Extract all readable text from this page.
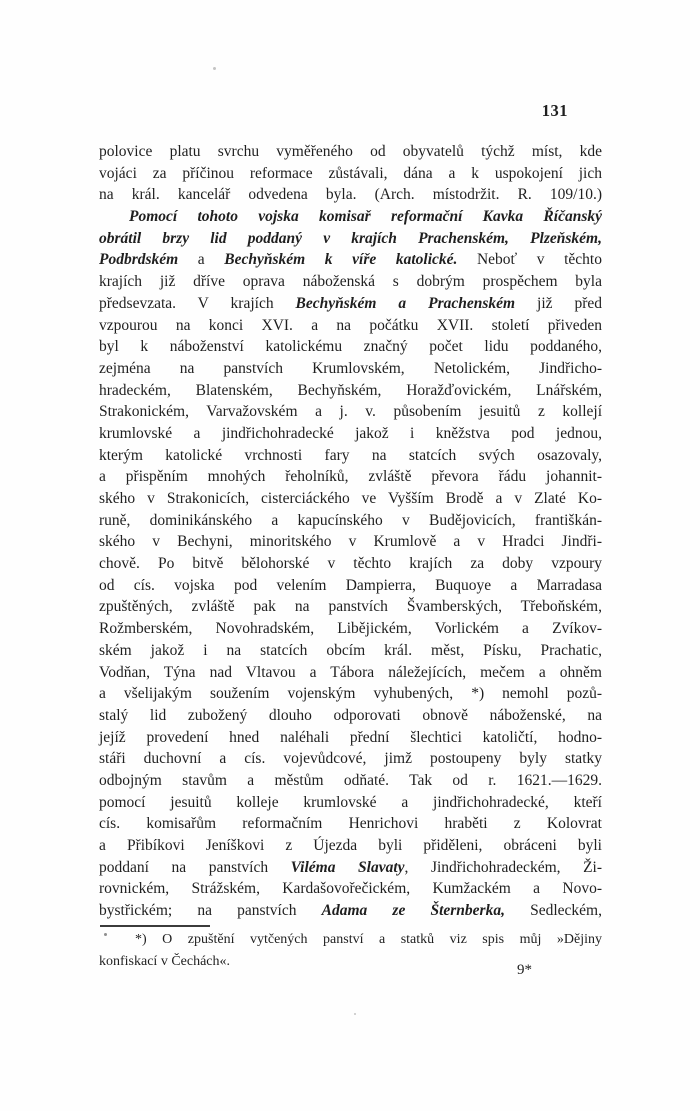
131
polovice platu svrchu vyměřeného od obyvatelů týchž míst, kde
vojáci za příčinou reformace zůstávali, dána a k uspokojení jich
na král. kancelář odvedena byla. (Arch. místodržit. R. 109/10.)
Pomocí tohoto vojska komisař reformační Kavka Říčanský
obrátil brzy lid poddaný v krajích Prachenském, Plzeňském,
Podbrdském a Bechyňském k víře katolické. Neboť v těchto
krajích již dříve oprava náboženská s dobrým prospěchem byla
předsevzata. V krajích Bechyňském a Prachenském již před
vzpourou na konci XVI. a na počátku XVII. století přiveden
byl k náboženství katolickému značný počet lidu poddaného,
zejména na panstvích Krumlovském, Netolickém, Jindřicho-
hradeckém, Blatenském, Bechyňském, Horažďovickém, Lnářském,
Strakonickém, Varvažovském a j. v. působením jesuitů z kollejí
krumlovské a jindřichohradecké jakož i kněžstva pod jednou,
kterým katolické vrchnosti fary na statcích svých osazovaly,
a přispěním mnohých řeholníků, zvláště převora řádu johannit-
ského v Strakonicích, cisterciáckého ve Vyšším Brodě a v Zlaté Ko-
runě, dominikánského a kapucínského v Budějovicích, františkán-
ského v Bechyni, minoritského v Krumlově a v Hradci Jindři-
chově. Po bitvě bělohorské v těchto krajích za doby vzpoury
od cís. vojska pod velením Dampierra, Buquoye a Marradasa
zpuštěných, zvláště pak na panstvích Švamberských, Třeboňském,
Rožmberském, Novohradském, Libějickém, Vorlickém a Zvíkov-
ském jakož i na statcích obcím král. měst, Písku, Prachatic,
Vodňan, Týna nad Vltavou a Tábora náležejících, mečem a ohněm
a všelijakým soužením vojenským vyhubených, *) nemohl pozů-
stalý lid zubožený dlouho odporovati obnově náboženské, na
jejíž provedení hned naléhali přední šlechtici katoličtí, hodno-
stáři duchovní a cís. vojevůdcové, jimž postoupeny byly statky
odbojným stavům a městům odňaté. Tak od r. 1621.—1629.
pomocí jesuitů kolleje krumlovské a jindřichohradecké, kteří
cís. komisařům reformačním Henrichovi hraběti z Kolovrat
a Přibíkovi Jeníškovi z Újezda byli přiděleni, obráceni byli
poddaní na panstvích Viléma Slavaty, Jindřichohradeckém, Ži-
rovnickém, Strážském, Kardašovořečickém, Kumžackém a Novo-
bystřickém; na panstvích Adama ze Šternberka, Sedleckém,
*) O zpuštění vytčených panství a statků viz spis můj »Dějiny
konfiskací v Čechách«.
9*
